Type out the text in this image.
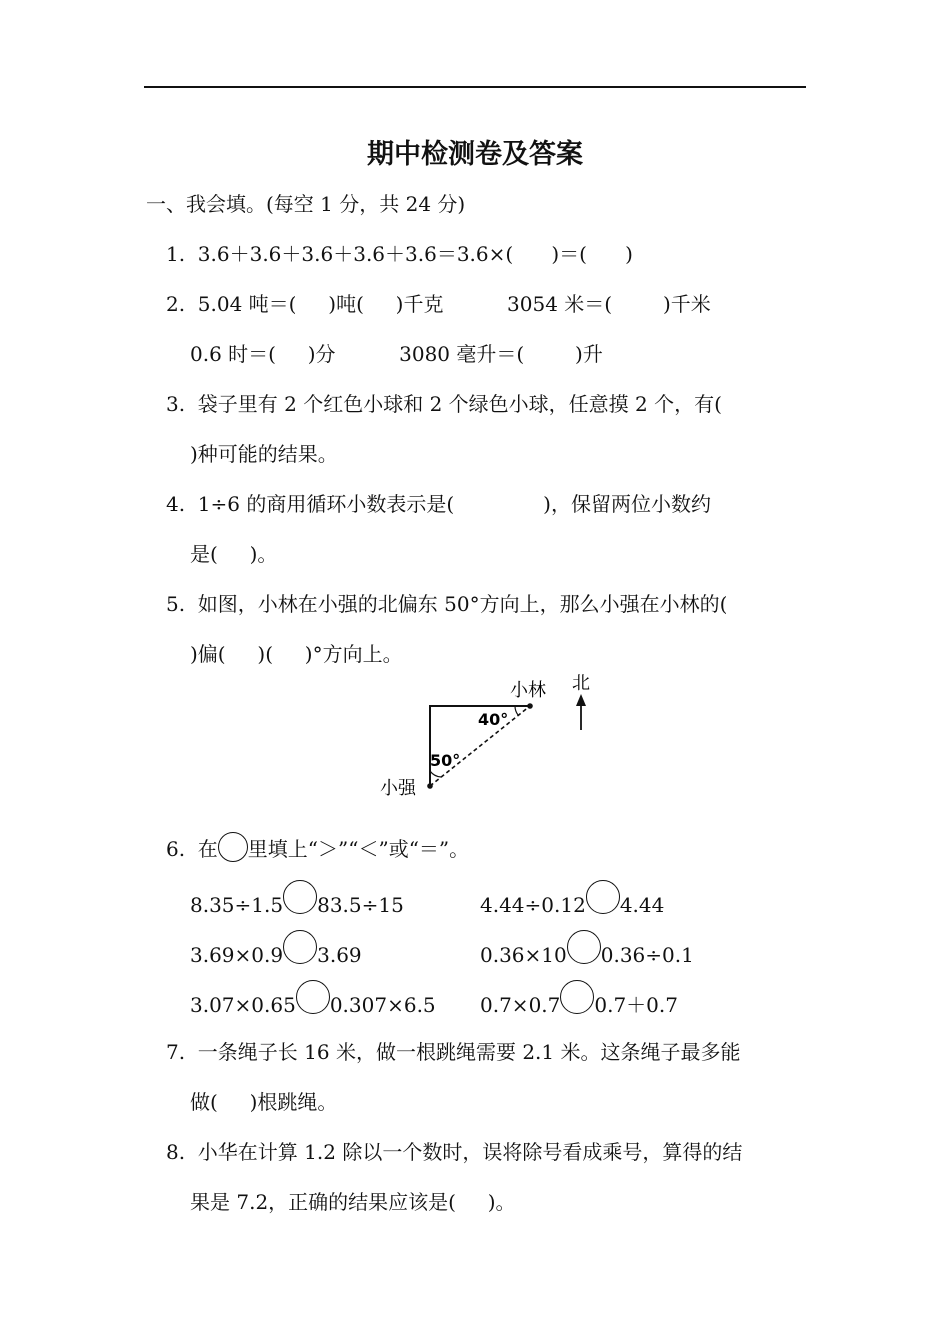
期中检测卷及答案
一、我会填。(每空 1 分，共 24 分)
1.  3.6＋3.6＋3.6＋3.6＋3.6＝3.6×(      )＝(      )
2.  5.04 吨＝(     )吨(     )千克          3054 米＝(        )千米
0.6 时＝(     )分          3080 毫升＝(        )升
3.  袋子里有 2 个红色小球和 2 个绿色小球，任意摸 2 个，有(
)种可能的结果。
4.  1÷6 的商用循环小数表示是(              )，保留两位小数约
是(     )。
5.  如图，小林在小强的北偏东 50°方向上，那么小强在小林的(
)偏(     )(     )°方向上。
40°
50°
小林 北
小强
6.  在 里填上“＞”“＜”或“＝”。
8.35÷1.5 83.5÷15	4.44÷0.12 4.44
3.69×0.9 3.69	0.36×10 0.36÷0.1
3.07×0.65 0.307×6.5 0.7×0.7 0.7＋0.7
7.  一条绳子长 16 米，做一根跳绳需要 2.1 米。这条绳子最多能
做(     )根跳绳。
8.  小华在计算 1.2 除以一个数时，误将除号看成乘号，算得的结
果是 7.2，正确的结果应该是(     )。
